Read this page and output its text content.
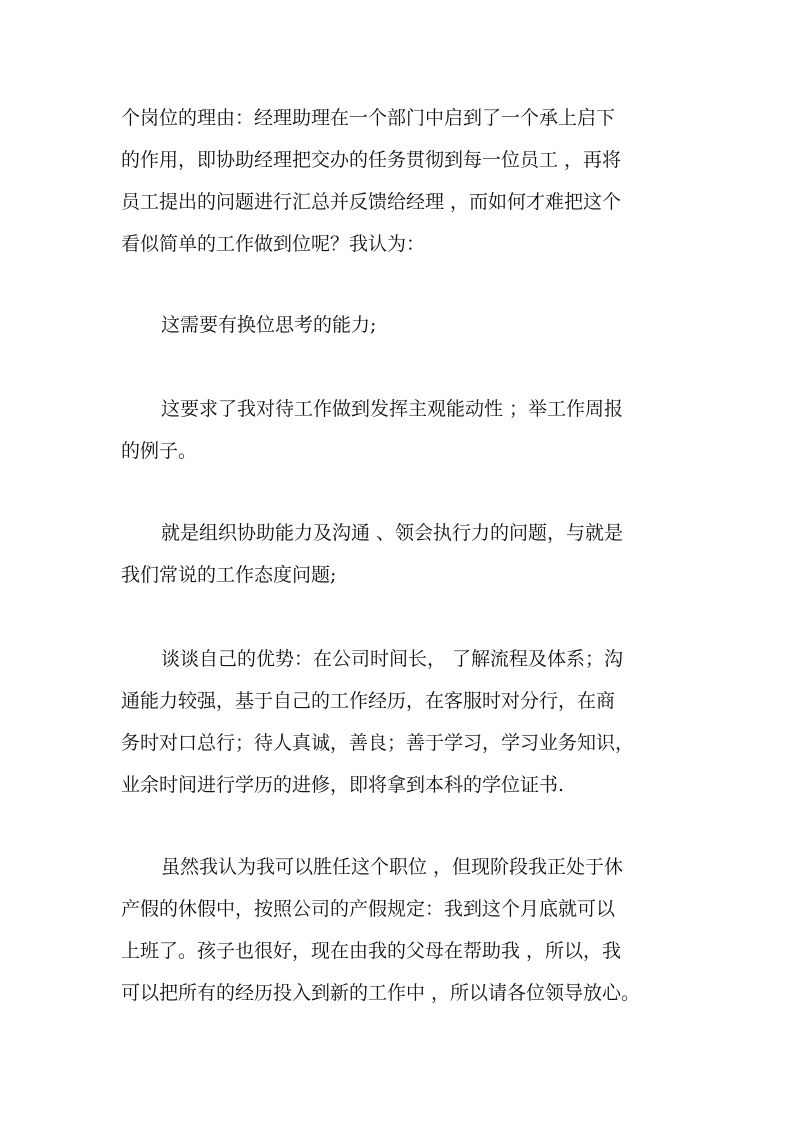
个岗位的理由：经理助理在一个部门中启到了一个承上启下
的作用，即协助经理把交办的任务贯彻到每一位员工 ，再将
员工提出的问题进行汇总并反馈给经理 ，而如何才难把这个
看似简单的工作做到位呢？我认为：
这需要有换位思考的能力;
这要求了我对待工作做到发挥主观能动性 ；举工作周报
的例子。
就是组织协助能力及沟通 、领会执行力的问题，与就是
我们常说的工作态度问题;
谈谈自己的优势：在公司时间长， 了解流程及体系；沟
通能力较强，基于自己的工作经历，在客服时对分行，在商
务时对口总行；待人真诚，善良；善于学习，学习业务知识，
业余时间进行学历的进修，即将拿到本科的学位证书.
虽然我认为我可以胜任这个职位 ，但现阶段我正处于休
产假的休假中，按照公司的产假规定：我到这个月底就可以
上班了。孩子也很好，现在由我的父母在帮助我 ，所以，我
可以把所有的经历投入到新的工作中 ，所以请各位领导放心。
